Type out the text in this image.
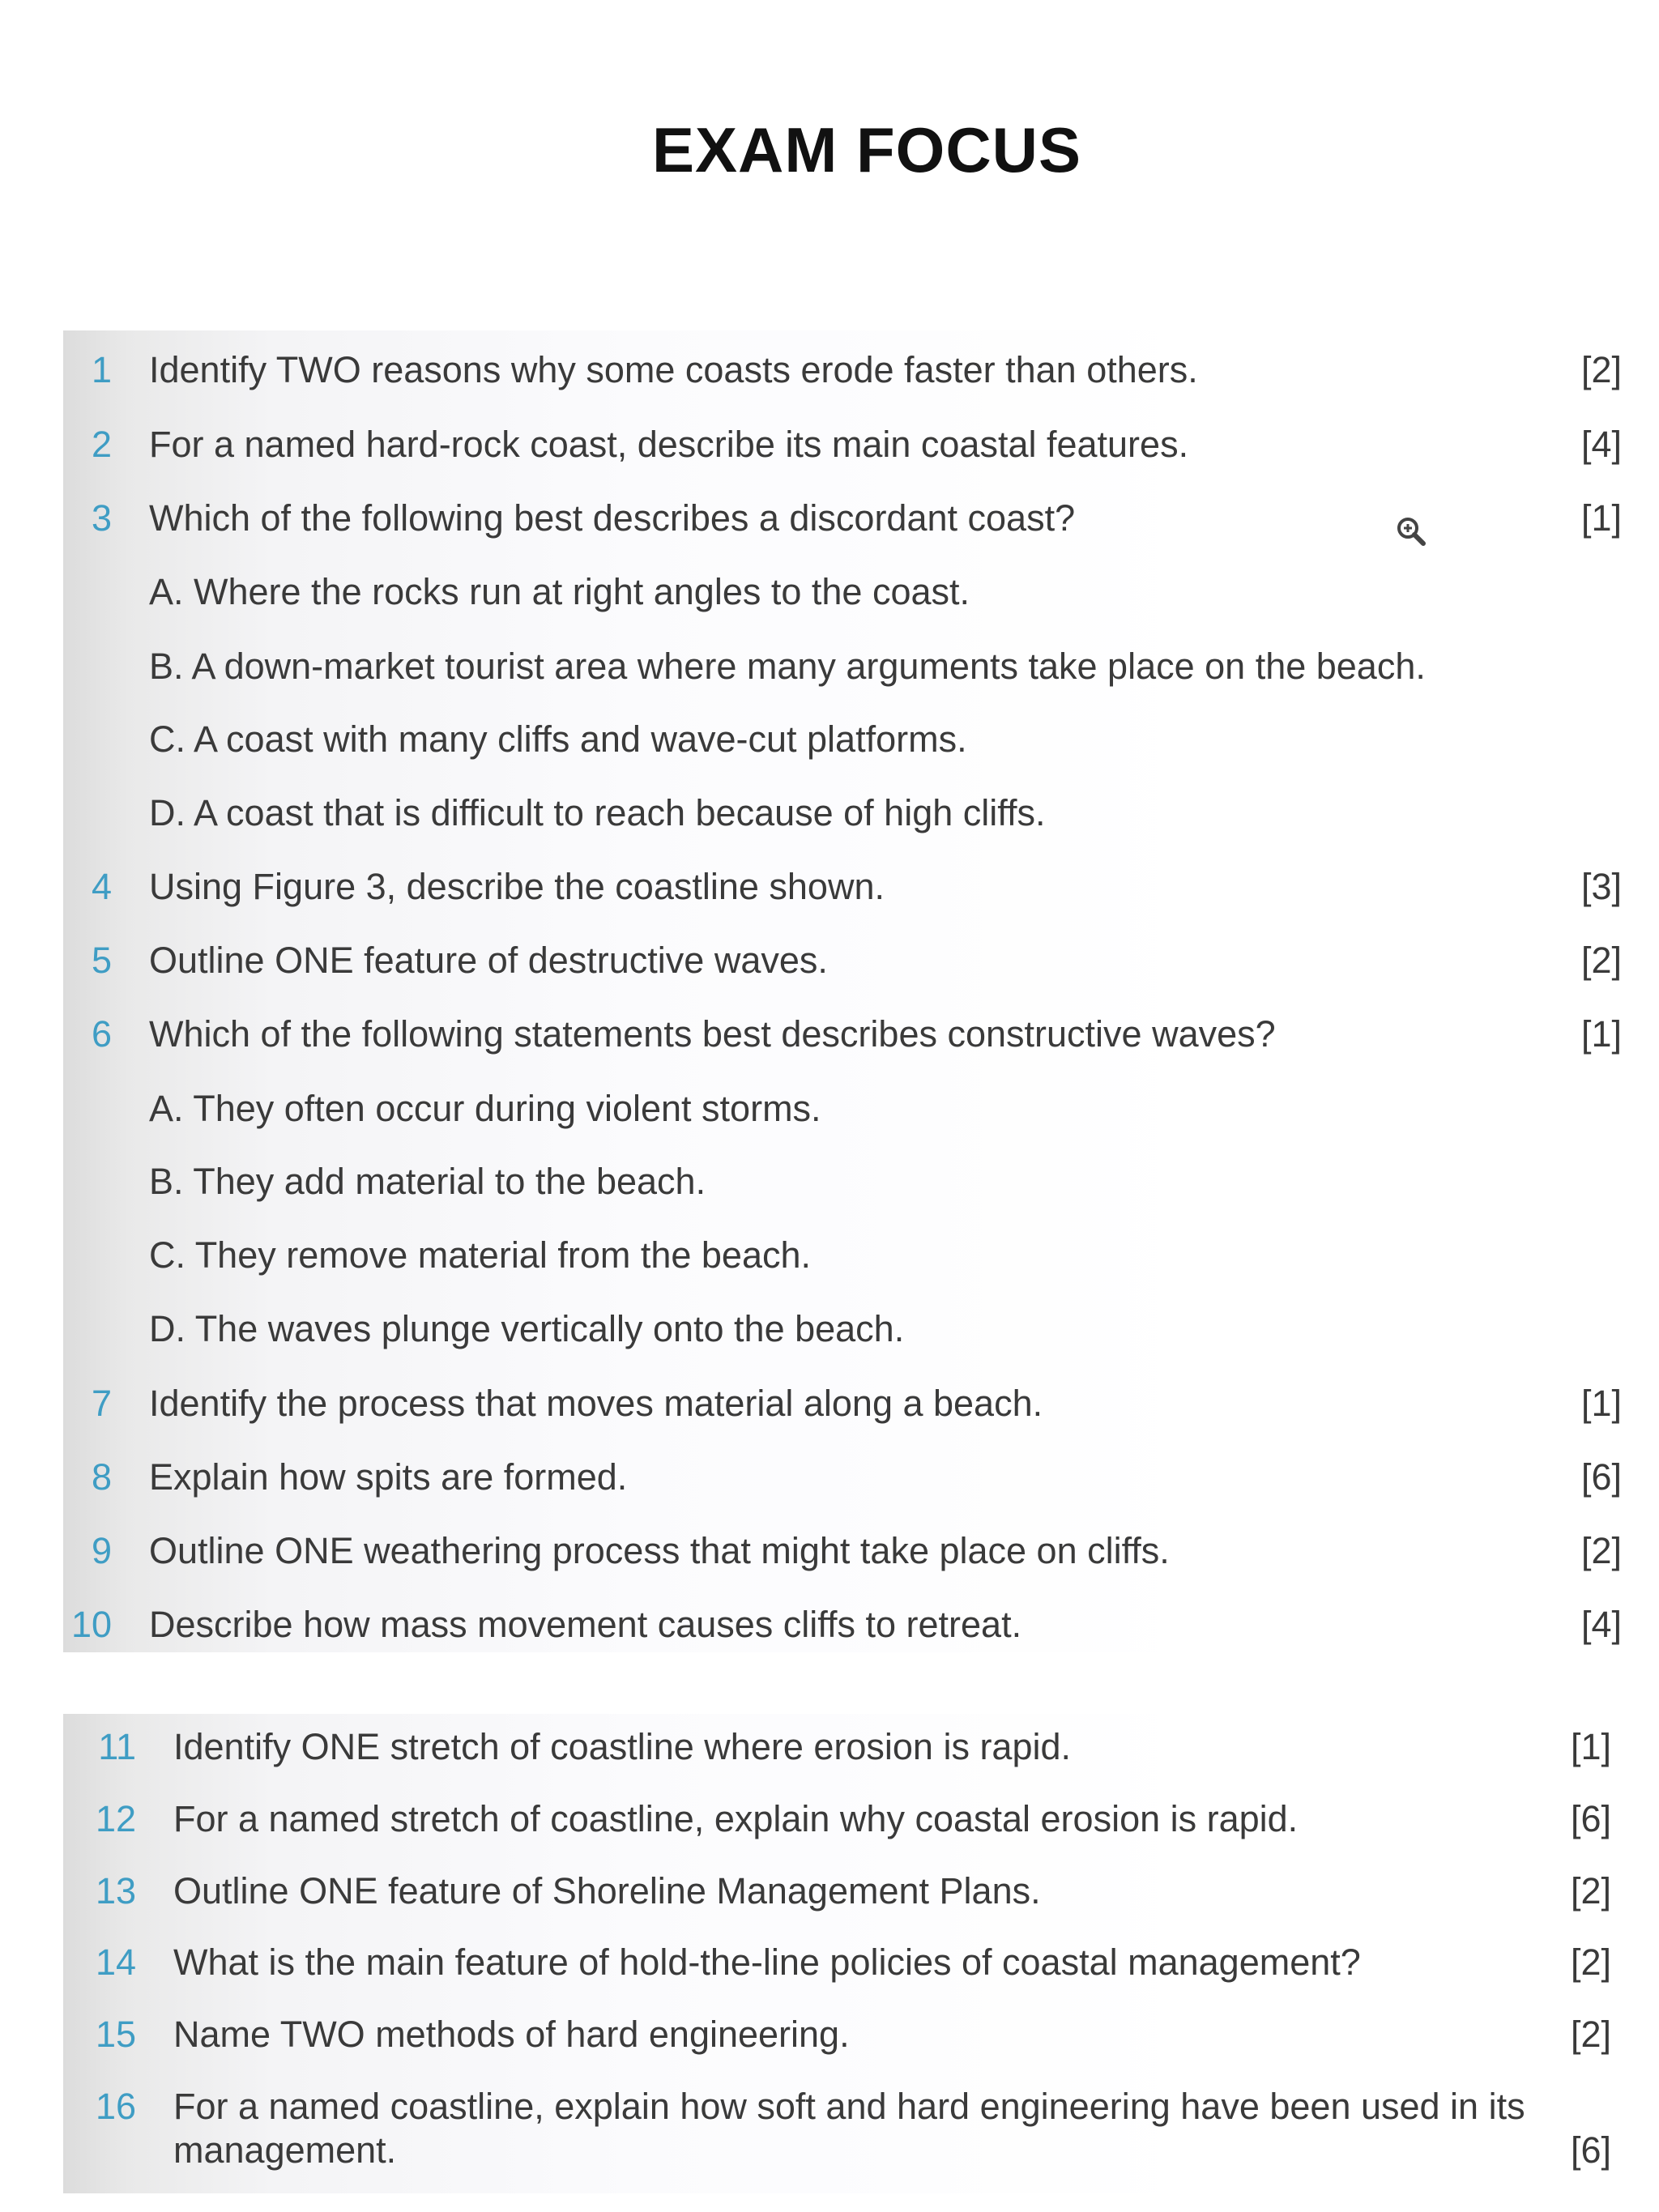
EXAM FOCUS
1 Identify TWO reasons why some coasts erode faster than others.	[2]
2 For a named hard-rock coast, describe its main coastal features.	[4]
3 Which of the following best describes a discordant coast?	[1]
A. Where the rocks run at right angles to the coast.
B. A down-market tourist area where many arguments take place on the beach.
C. A coast with many cliffs and wave-cut platforms.
D. A coast that is difficult to reach because of high cliffs.
4 Using Figure 3, describe the coastline shown.	[3]
5 Outline ONE feature of destructive waves.	[2]
6 Which of the following statements best describes constructive waves?	[1]
A. They often occur during violent storms.
B. They add material to the beach.
C. They remove material from the beach.
D. The waves plunge vertically onto the beach.
7 Identify the process that moves material along a beach.	[1]
8 Explain how spits are formed.	[6]
9 Outline ONE weathering process that might take place on cliffs.	[2]
10 Describe how mass movement causes cliffs to retreat.	[4]
11 Identify ONE stretch of coastline where erosion is rapid.	[1]
12 For a named stretch of coastline, explain why coastal erosion is rapid.	[6]
13 Outline ONE feature of Shoreline Management Plans.	[2]
14 What is the main feature of hold-the-line policies of coastal management?	[2]
15 Name TWO methods of hard engineering.	[2]
16 For a named coastline, explain how soft and hard engineering have been used in its
management.	[6]
